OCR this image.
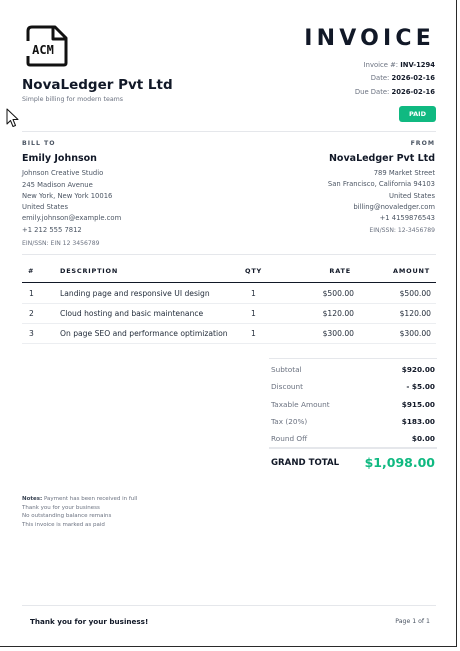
ACM
NovaLedger Pvt Ltd
Simple billing for modern teams
INVOICE
Invoice #: INV-1294
Date: 2026-02-16
Due Date: 2026-02-16
PAID
BILL TO
Emily Johnson
Johnson Creative Studio
245 Madison Avenue
New York, New York 10016
United States
emily.johnson@example.com
+1 212 555 7812
EIN/SSN: EIN 12 3456789
FROM
NovaLedger Pvt Ltd
789 Market Street
San Francisco, California 94103
United States
billing@novaledger.com
+1 4159876543
EIN/SSN: 12-3456789
#	DESCRIPTION	QTY	RATE	AMOUNT
1	Landing page and responsive UI design	1	$500.00	$500.00
2	Cloud hosting and basic maintenance	1	$120.00	$120.00
3	On page SEO and performance optimization	1	$300.00	$300.00
Subtotal	$920.00
Discount	- $5.00
Taxable Amount	$915.00
Tax (20%)	$183.00
Round Off	$0.00
GRAND TOTAL $1,098.00
Notes: Payment has been received in full
Thank you for your business
No outstanding balance remains
This invoice is marked as paid
Thank you for your business!	Page 1 of 1
